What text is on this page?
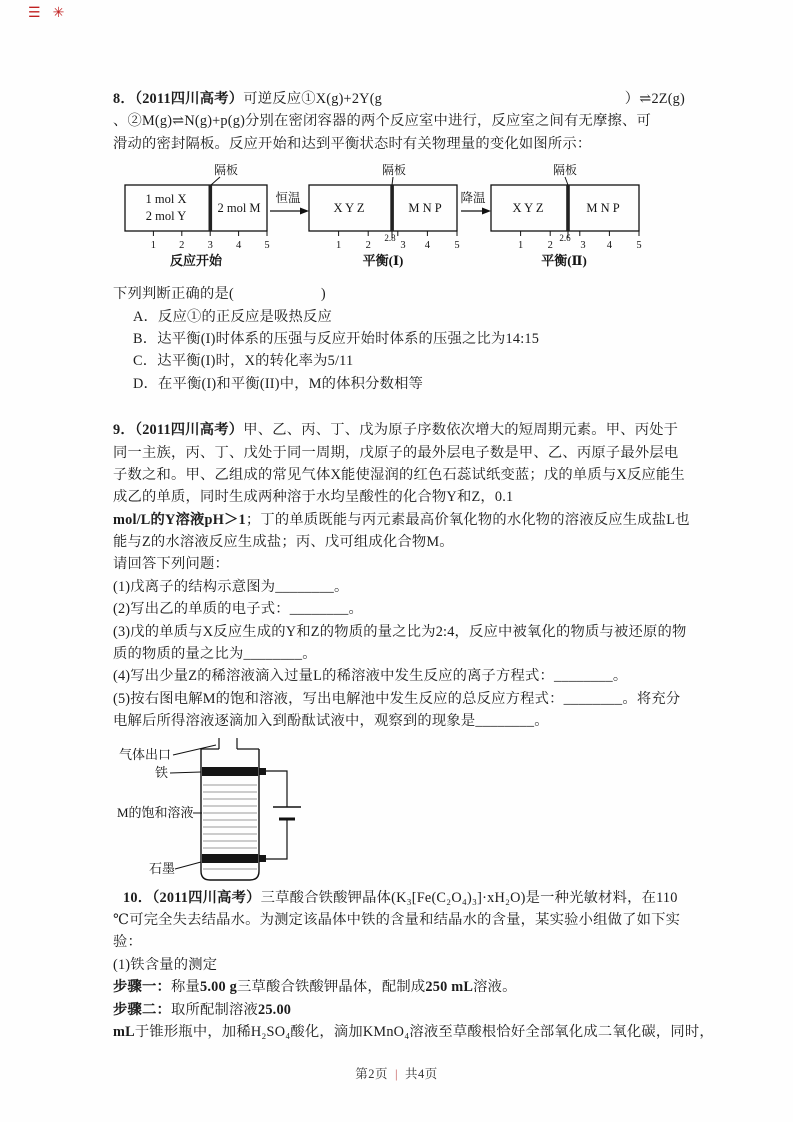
☰ ✳
8．（2011四川高考） 可逆反应①X(g)+2Y(g	）⇌2Z(g)
、②M(g)⇌N(g)+p(g)分别在密闭容器的两个反应室中进行，反应室之间有无摩擦、可
滑动的密封隔板。反应开始和达到平衡状态时有关物理量的变化如图所示：
隔板	隔板	隔板
1 mol X
2 mol Y
2 mol M
1 2 3 4 5
反应开始
恒温
X Y Z	M N P
1 2	3 4 5
2.8
平衡(Ⅰ)
降温
X Y Z	M N P
1 2	3 4 5
2.6
平衡(Ⅱ)
下列判断正确的是(　　　　　　)
A．反应①的正反应是吸热反应
B．达平衡(I)时体系的压强与反应开始时体系的压强之比为14:15
C．达平衡(I)时，X的转化率为5/11
D．在平衡(I)和平衡(II)中，M的体积分数相等
9．（2011四川高考）甲、乙、丙、丁、戊为原子序数依次增大的短周期元素。甲、丙处于
同一主族，丙、丁、戊处于同一周期，戊原子的最外层电子数是甲、乙、丙原子最外层电
子数之和。甲、乙组成的常见气体X能使湿润的红色石蕊试纸变蓝；戊的单质与X反应能生
成乙的单质，同时生成两种溶于水均呈酸性的化合物Y和Z，0.1
mol/L的Y溶液pH＞1；丁的单质既能与丙元素最高价氧化物的水化物的溶液反应生成盐L也
能与Z的水溶液反应生成盐；丙、戊可组成化合物M。
请回答下列问题：
(1)戊离子的结构示意图为________。
(2)写出乙的单质的电子式：________。
(3)戊的单质与X反应生成的Y和Z的物质的量之比为2:4，反应中被氧化的物质与被还原的物
质的物质的量之比为________。
(4)写出少量Z的稀溶液滴入过量L的稀溶液中发生反应的离子方程式：________。
(5)按右图电解M的饱和溶液，写出电解池中发生反应的总反应方程式：________。将充分
电解后所得溶液逐滴加入到酚酞试液中，观察到的现象是________。
气体出口
铁
M的饱和溶液
石墨
10．（2011四川高考）三草酸合铁酸钾晶体(K₃[Fe(C₂O₄)₃]·xH₂O)是一种光敏材料，在110
℃可完全失去结晶水。为测定该晶体中铁的含量和结晶水的含量，某实验小组做了如下实
验：
(1)铁含量的测定
步骤一：称量5.00 g三草酸合铁酸钾晶体，配制成250 mL溶液。
步骤二：取所配制溶液25.00
mL于锥形瓶中，加稀H₂SO₄酸化，滴加KMnO₄溶液至草酸根恰好全部氧化成二氧化碳，同时，
第2页 | 共4页
